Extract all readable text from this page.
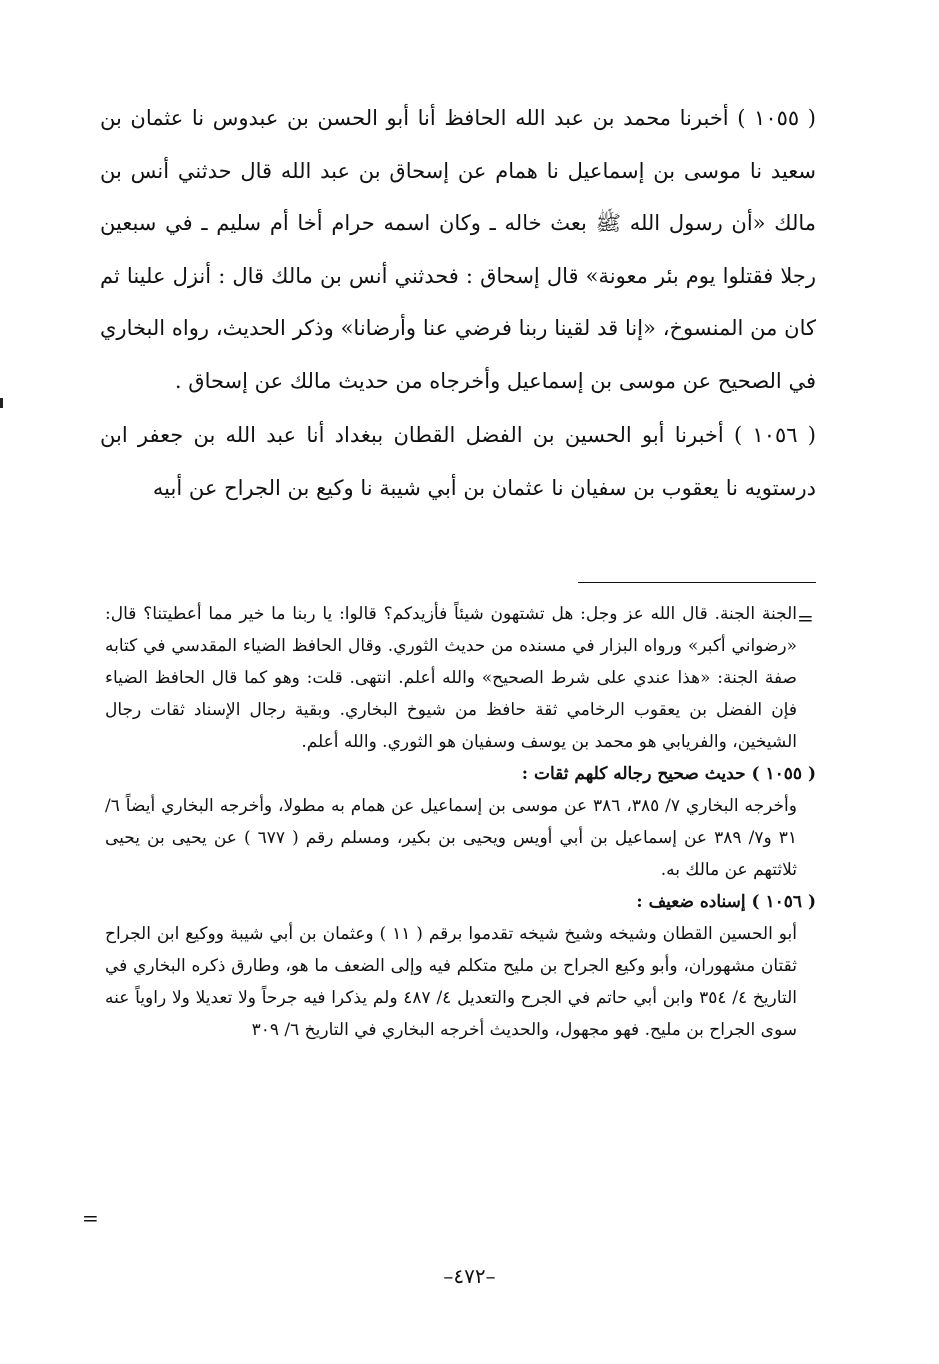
( ١٠٥٥ ) أخبرنا محمد بن عبد الله الحافظ أنا أبو الحسن بن عبدوس نا عثمان بن سعيد نا موسى بن إسماعيل نا همام عن إسحاق بن عبد الله قال حدثني أنس بن مالك «أن رسول الله ﷺ بعث خاله ـ وكان اسمه حرام أخا أم سليم ـ في سبعين رجلا فقتلوا يوم بئر معونة» قال إسحاق : فحدثني أنس بن مالك قال : أنزل علينا ثم كان من المنسوخ، «إنا قد لقينا ربنا فرضي عنا وأرضانا» وذكر الحديث، رواه البخاري في الصحيح عن موسى بن إسماعيل وأخرجاه من حديث مالك عن إسحاق .

( ١٠٥٦ ) أخبرنا أبو الحسين بن الفضل القطان ببغداد أنا عبد الله بن جعفر ابن درستويه نا يعقوب بن سفيان نا عثمان بن أبي شيبة نا وكيع بن الجراح عن أبيه

=

الجنة الجنة. قال الله عز وجل: هل تشتهون شيئاً فأزيدكم؟ قالوا: يا ربنا ما خير مما أعطيتنا؟ قال: «رضواني أكبر» ورواه البزار في مسنده من حديث الثوري. وقال الحافظ الضياء المقدسي في كتابه صفة الجنة: «هذا عندي على شرط الصحيح» والله أعلم. انتهى. قلت: وهو كما قال الحافظ الضياء فإن الفضل بن يعقوب الرخامي ثقة حافظ من شيوخ البخاري. وبقية رجال الإسناد ثقات رجال الشيخين، والفريابي هو محمد بن يوسف وسفيان هو الثوري. والله أعلم.

( ١٠٥٥ ) حديث صحيح رجاله كلهم ثقات :

وأخرجه البخاري ٧/ ٣٨٥، ٣٨٦ عن موسى بن إسماعيل عن همام به مطولا، وأخرجه البخاري أيضاً ٦/ ٣١ و٧/ ٣٨٩ عن إسماعيل بن أبي أويس ويحيى بن بكير، ومسلم رقم ( ٦٧٧ ) عن يحيى بن يحيى ثلاثتهم عن مالك به.

( ١٠٥٦ ) إسناده ضعيف :

أبو الحسين القطان وشيخه وشيخ شيخه تقدموا برقم ( ١١ ) وعثمان بن أبي شيبة ووكيع ابن الجراح ثقتان مشهوران، وأبو وكيع الجراح بن مليح متكلم فيه وإلى الضعف ما هو، وطارق ذكره البخاري في التاريخ ٤/ ٣٥٤ وابن أبي حاتم في الجرح والتعديل ٤/ ٤٨٧ ولم يذكرا فيه جرحاً ولا تعديلا ولا راوياً عنه سوى الجراح بن مليح. فهو مجهول، والحديث أخرجه البخاري في التاريخ ٦/ ٣٠٩

=
–٤٧٢–
